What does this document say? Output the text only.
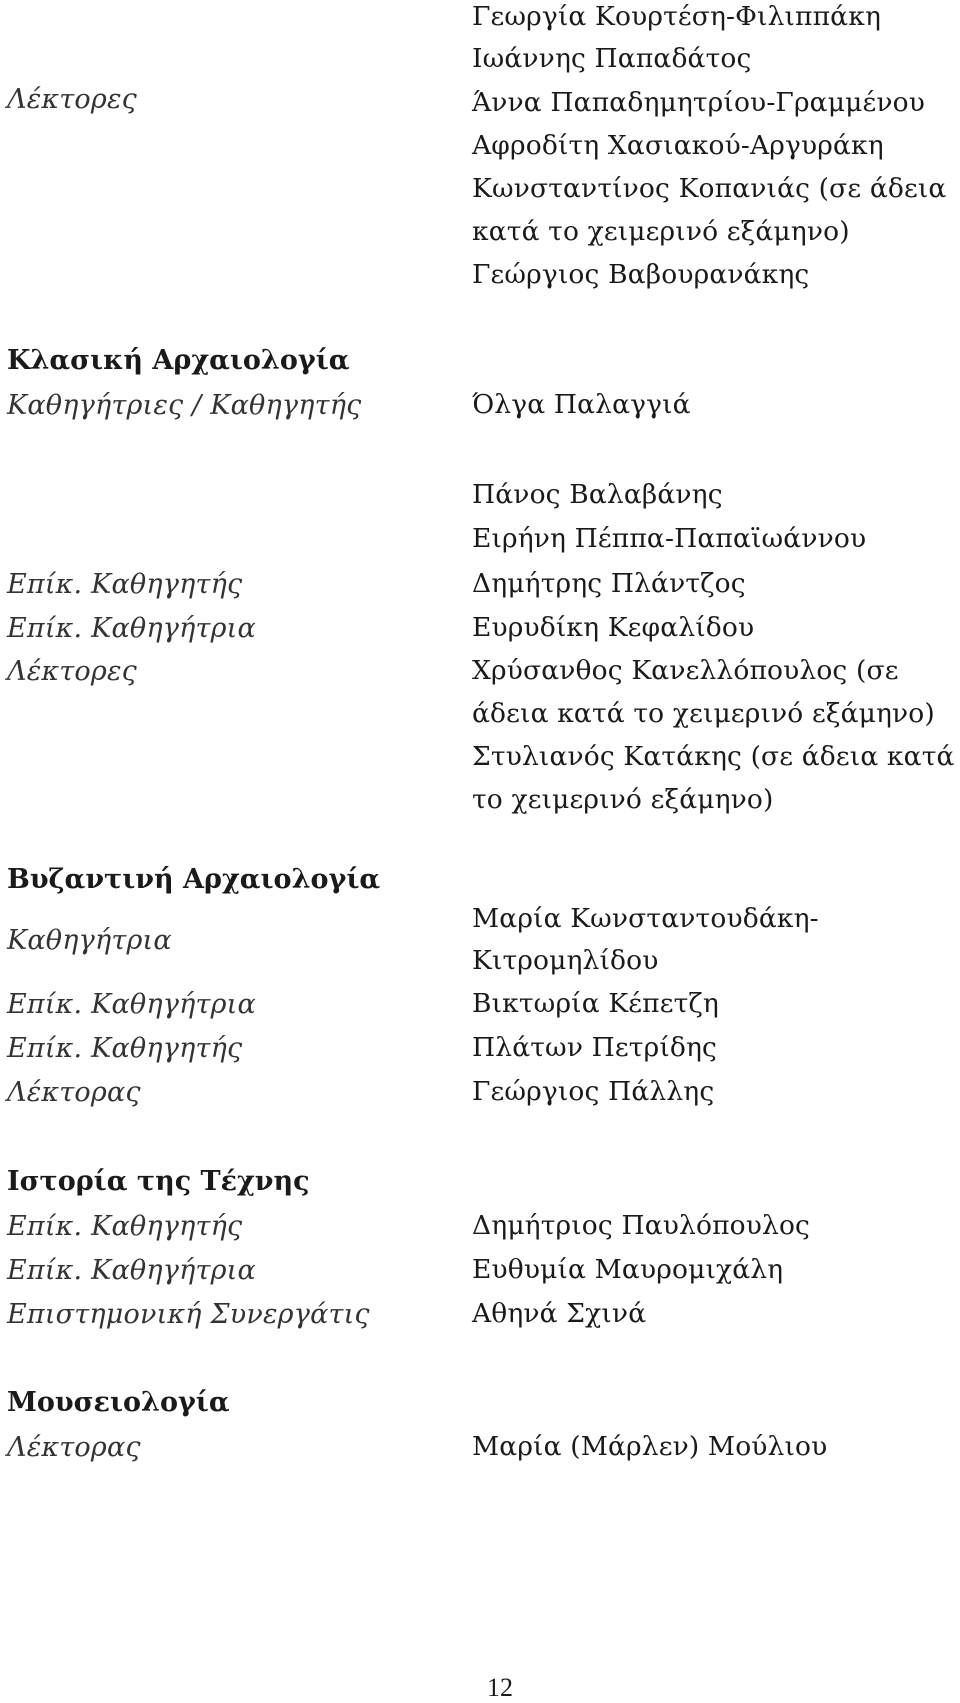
Λέκτορες
Γεωργία Κουρτέση-Φιλιππάκη
Ιωάννης Παπαδάτος
Άννα Παπαδημητρίου-Γραμμένου
Αφροδίτη Χασιακού-Αργυράκη
Κωνσταντίνος Κοπανιάς (σε άδεια
κατά το χειμερινό εξάμηνο)
Γεώργιος Βαβουρανάκης
Κλασική Αρχαιολογία
Καθηγήτριες / Καθηγητής	Όλγα Παλαγγιά
Επίκ. Καθηγητής
Επίκ. Καθηγήτρια
Λέκτορες
Πάνος Βαλαβάνης
Ειρήνη Πέππα-Παπαϊωάννου
Δημήτρης Πλάντζος
Ευρυδίκη Κεφαλίδου
Χρύσανθος Κανελλόπουλος (σε
άδεια κατά το χειμερινό εξάμηνο)
Στυλιανός Κατάκης (σε άδεια κατά
το χειμερινό εξάμηνο)
Βυζαντινή Αρχαιολογία
Καθηγήτρια
Επίκ. Καθηγήτρια
Επίκ. Καθηγητής
Λέκτορας
Μαρία Κωνσταντουδάκη-
Κιτρομηλίδου
Βικτωρία Κέπετζη
Πλάτων Πετρίδης
Γεώργιος Πάλλης
Ιστορία της Τέχνης
Επίκ. Καθηγητής
Επίκ. Καθηγήτρια
Επιστημονική Συνεργάτις
Δημήτριος Παυλόπουλος
Ευθυμία Μαυρομιχάλη
Αθηνά Σχινά
Μουσειολογία
Λέκτορας	Μαρία (Μάρλεν) Μούλιου
12
